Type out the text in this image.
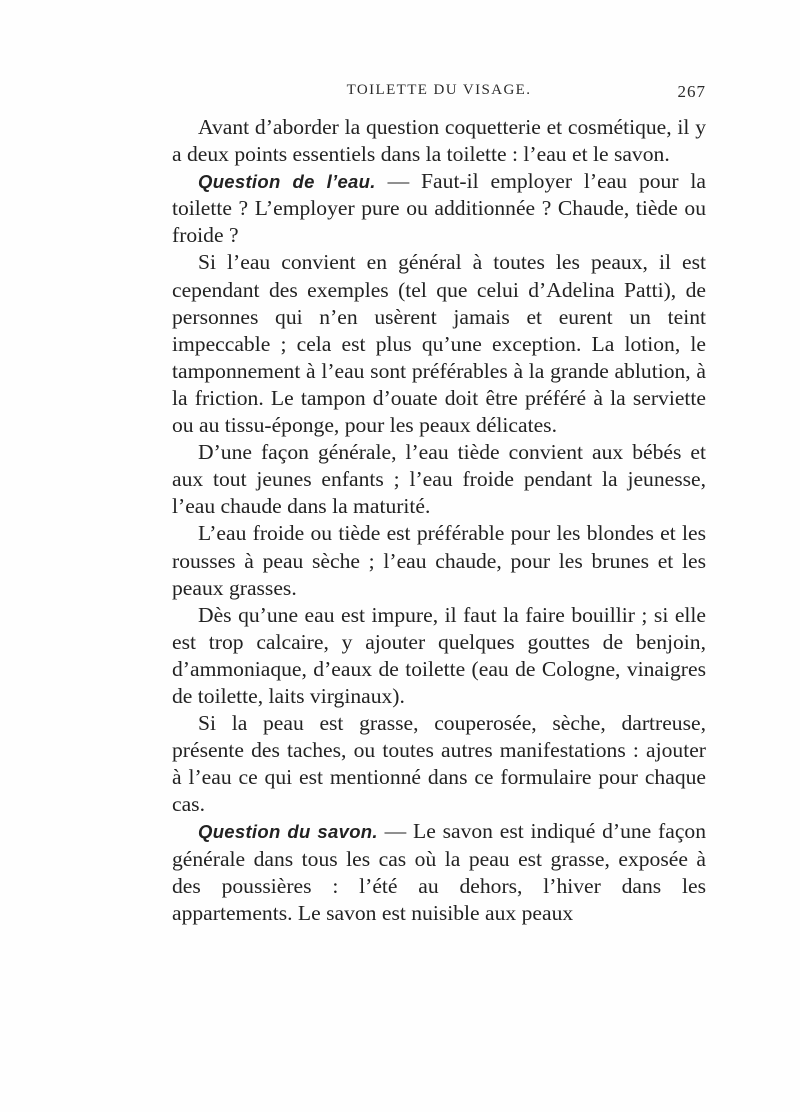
TOILETTE DU VISAGE.	267

Avant d’aborder la question coquetterie et cosmétique, il y a deux points essentiels dans la toilette : l’eau et le savon.

Question de l’eau. — Faut-il employer l’eau pour la toilette ? L’employer pure ou additionnée ? Chaude, tiède ou froide ?

Si l’eau convient en général à toutes les peaux, il est cependant des exemples (tel que celui d’Adelina Patti), de personnes qui n’en usèrent jamais et eurent un teint impeccable ; cela est plus qu’une exception. La lotion, le tamponnement à l’eau sont préférables à la grande ablution, à la friction. Le tampon d’ouate doit être préféré à la serviette ou au tissu-éponge, pour les peaux délicates.

D’une façon générale, l’eau tiède convient aux bébés et aux tout jeunes enfants ; l’eau froide pendant la jeunesse, l’eau chaude dans la maturité.

L’eau froide ou tiède est préférable pour les blondes et les rousses à peau sèche ; l’eau chaude, pour les brunes et les peaux grasses.

Dès qu’une eau est impure, il faut la faire bouillir ; si elle est trop calcaire, y ajouter quelques gouttes de benjoin, d’ammoniaque, d’eaux de toilette (eau de Cologne, vinaigres de toilette, laits virginaux).

Si la peau est grasse, couperosée, sèche, dartreuse, présente des taches, ou toutes autres manifestations : ajouter à l’eau ce qui est mentionné dans ce formulaire pour chaque cas.

Question du savon. — Le savon est indiqué d’une façon générale dans tous les cas où la peau est grasse, exposée à des poussières : l’été au dehors, l’hiver dans les appartements. Le savon est nuisible aux peaux
